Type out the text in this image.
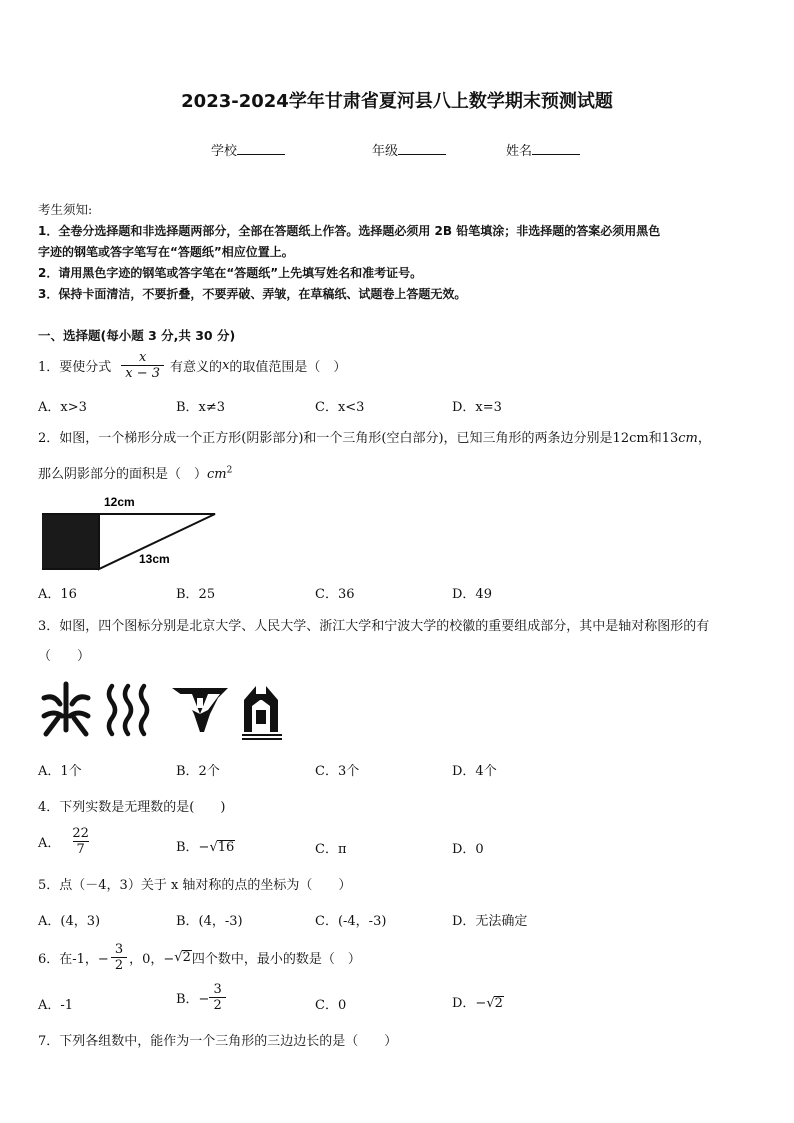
2023-2024学年甘肃省夏河县八上数学期末预测试题
学校	年级	姓名
考生须知:
1．全卷分选择题和非选择题两部分，全部在答题纸上作答。选择题必须用 2B 铅笔填涂；非选择题的答案必须用黑色
字迹的钢笔或答字笔写在“答题纸”相应位置上。
2．请用黑色字迹的钢笔或答字笔在“答题纸”上先填写姓名和准考证号。
3．保持卡面清洁，不要折叠，不要弄破、弄皱，在草稿纸、试题卷上答题无效。
一、选择题(每小题 3 分,共 30 分)
1．要使分式 $\frac{x}{x - 3}$ 有意义的 x 的取值范围是（　）
A．x>3	B．x≠3	C．x<3	D．x=3
2．如图，一个梯形分成一个正方形(阴影部分)和一个三角形(空白部分)，已知三角形的两条边分别是12cm和13cm，
那么阴影部分的面积是（　）$cm^2$
12cm
13cm
A．16	B．25	C．36	D．49
3．如图，四个图标分别是北京大学、人民大学、浙江大学和宁波大学的校徽的重要组成部分，其中是轴对称图形的有
（　　）
A．1个	B．2个	C．3个	D．4个
4．下列实数是无理数的是(　　)
A． $\frac{22}{7}$	B．−√16	C．π	D．0
5．点（－4，3）关于 x 轴对称的点的坐标为（　　）
A．(4，3)	B．(4，-3)	C．(-4，-3)	D．无法确定
6．在-1，− $\frac{3}{2}$ ，0，− √ 2 四个数中，最小的数是（　）
A．-1	B．− $\frac{3}{2}$	C．0	D．−√2
7．下列各组数中，能作为一个三角形的三边边长的是（　　）
